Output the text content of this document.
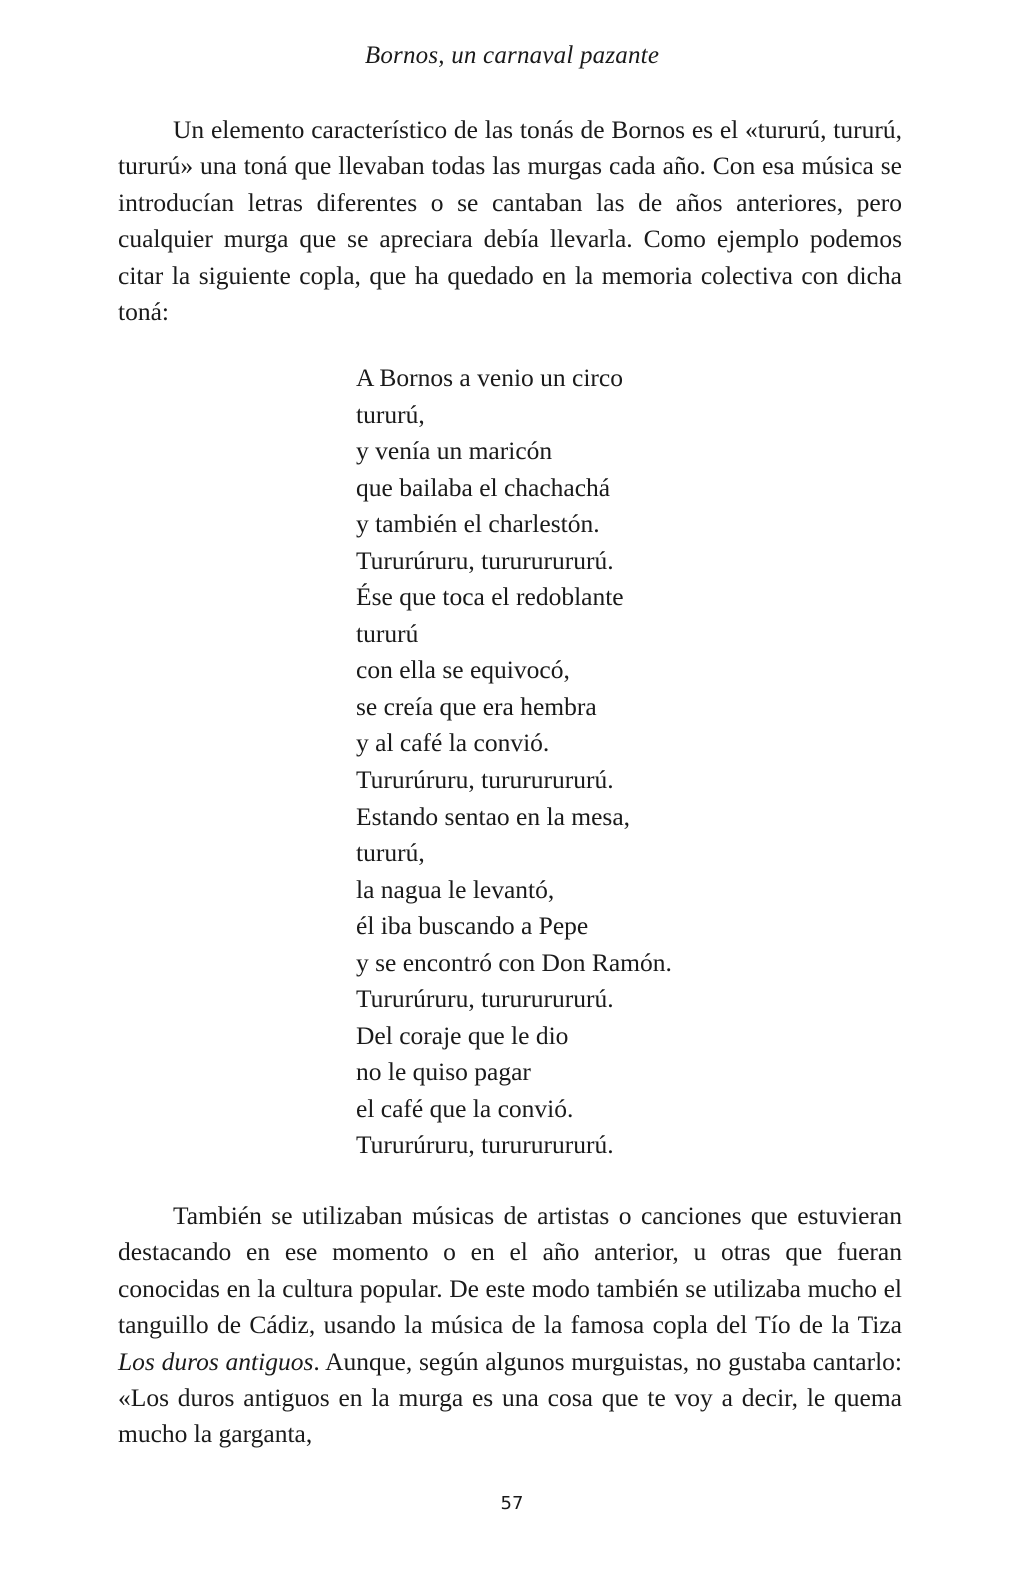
Bornos, un carnaval pazante

Un elemento característico de las tonás de Bornos es el «tururú, tururú, tururú» una toná que llevaban todas las murgas cada año. Con esa música se introducían letras diferentes o se cantaban las de años anteriores, pero cualquier murga que se apreciara debía llevarla. Como ejemplo podemos citar la siguiente copla, que ha quedado en la memoria colectiva con dicha toná:

A Bornos a venio un circo
tururú,
y venía un maricón
que bailaba el chachachá
y también el charlestón.
Tururúruru, turururururú.
Ése que toca el redoblante
tururú
con ella se equivocó,
se creía que era hembra
y al café la convió.
Tururúruru, turururururú.
Estando sentao en la mesa,
tururú,
la nagua le levantó,
él iba buscando a Pepe
y se encontró con Don Ramón.
Tururúruru, turururururú.
Del coraje que le dio
no le quiso pagar
el café que la convió.
Tururúruru, turururururú.

También se utilizaban músicas de artistas o canciones que estuvieran destacando en ese momento o en el año anterior, u otras que fueran conocidas en la cultura popular. De este modo también se utilizaba mucho el tanguillo de Cádiz, usando la música de la famosa copla del Tío de la Tiza Los duros antiguos. Aunque, según algunos murguistas, no gustaba cantarlo: «Los duros antiguos en la murga es una cosa que te voy a decir, le quema mucho la garganta,

57
